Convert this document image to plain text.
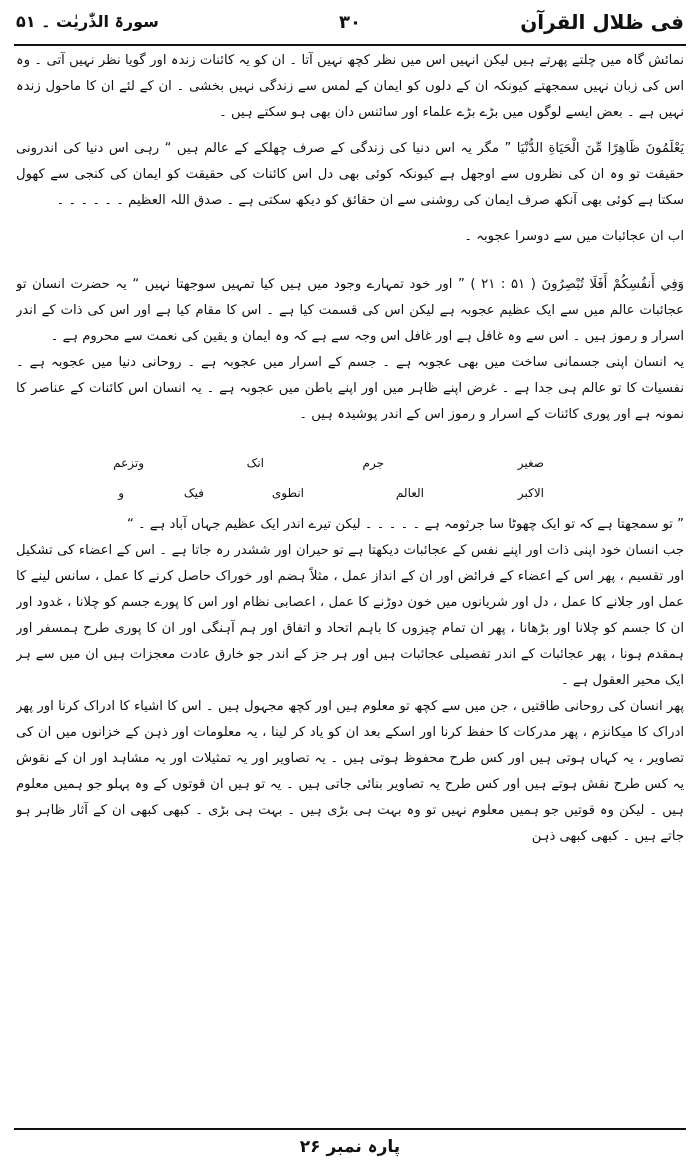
فی ظلال القرآن
۳۰
سورۃ الذّٰریٰت ۔ ۵۱

نمائش گاہ میں چلتے پھرتے ہیں لیکن انہیں اس میں نظر کچھ نہیں آتا ۔ ان کو یہ کائنات زندہ اور گویا نظر نہیں آتی ۔ وہ اس کی زبان نہیں سمجھتے کیونکہ ان کے دلوں کو ایمان کے لمس سے زندگی نہیں بخشی ۔ ان کے لئے ان کا ماحول زندہ نہیں ہے ۔ بعض ایسے لوگوں میں بڑے بڑے علماء اور سائنس دان بھی ہو سکتے ہیں ۔

يَعْلَمُونَ ظَاهِرًا مِّنَ الْحَيَاةِ الدُّنْيَا ” مگر یہ اس دنیا کی زندگی کے صرف چھلکے کے عالم ہیں “ رہی اس دنیا کی اندرونی حقیقت تو وہ ان کی نظروں سے اوجھل ہے کیونکہ کوئی بھی دل اس کائنات کی حقیقت کو ایمان کی کنجی سے کھول سکتا ہے کوئی بھی آنکھ صرف ایمان کی روشنی سے ان حقائق کو دیکھ سکتی ہے ۔ صدق اللہ العظیم ۔ ۔ ۔ ۔ ۔ ۔

اب ان عجائبات میں سے دوسرا عجوبہ ۔

وَفِي أَنفُسِكُمْ أَفَلَا تُبْصِرُونَ ( ۵۱ : ۲۱ ) ” اور خود تمہارے وجود میں ہیں کیا تمہیں سوجھتا نہیں “ یہ حضرت انسان تو عجائبات عالم میں سے ایک عظیم عجوبہ ہے لیکن اس کی قسمت کیا ہے ۔ اس کا مقام کیا ہے اور اس کی ذات کے اندر اسرار و رموز ہیں ۔ اس سے وہ غافل ہے اور غافل اس وجہ سے ہے کہ وہ ایمان و یقین کی نعمت سے محروم ہے ۔

یہ انسان اپنی جسمانی ساخت میں بھی عجوبہ ہے ۔ جسم کے اسرار میں عجوبہ ہے ۔ روحانی دنیا میں عجوبہ ہے ۔ نفسیات کا تو عالم ہی جدا ہے ۔ غرض اپنے ظاہر میں اور اپنے باطن میں عجوبہ ہے ۔ یہ انسان اس کائنات کے عناصر کا نمونہ ہے اور پوری کائنات کے اسرار و رموز اس کے اندر پوشیدہ ہیں ۔

صغیر
جرم
انک
وتزعم
الاکبر
العالم
انطوی
فیک
و

” تو سمجھتا ہے کہ تو ایک چھوٹا سا جرثومہ ہے ۔ ۔ ۔ ۔ ۔ لیکن تیرے اندر ایک عظیم جہاں آباد ہے ۔ “

جب انسان خود اپنی ذات اور اپنے نفس کے عجائبات دیکھتا ہے تو حیران اور ششدر رہ جاتا ہے ۔ اس کے اعضاء کی تشکیل اور تقسیم ، پھر اس کے اعضاء کے فرائض اور ان کے انداز عمل ، مثلاً ہضم اور خوراک حاصل کرنے کا عمل ، سانس لینے کا عمل اور جلانے کا عمل ، دل اور شریانوں میں خون دوڑنے کا عمل ، اعصابی نظام اور اس کا پورے جسم کو چلانا ، غدود اور ان کا جسم کو چلانا اور بڑھانا ، پھر ان تمام چیزوں کا باہم اتحاد و اتفاق اور ہم آہنگی اور ان کا پوری طرح ہمسفر اور ہمقدم ہونا ، پھر عجائبات کے اندر تفصیلی عجائبات ہیں اور ہر جز کے اندر جو خارق عادت معجزات ہیں ان میں سے ہر ایک محیر العقول ہے ۔

پھر انسان کی روحانی طاقتیں ، جن میں سے کچھ تو معلوم ہیں اور کچھ مجہول ہیں ۔ اس کا اشیاء کا ادراک کرنا اور پھر ادراک کا میکانزم ، پھر مدرکات کا حفظ کرنا اور اسکے بعد ان کو یاد کر لینا ، یہ معلومات اور ذہن کے خزانوں میں ان کی تصاویر ، یہ کہاں ہوتی ہیں اور کس طرح محفوظ ہوتی ہیں ۔ یہ تصاویر اور یہ تمثیلات اور یہ مشاہد اور ان کے نقوش یہ کس طرح نقش ہوتے ہیں اور کس طرح یہ تصاویر بنائی جاتی ہیں ۔ یہ تو ہیں ان قوتوں کے وہ پہلو جو ہمیں معلوم ہیں ۔ لیکن وہ قوتیں جو ہمیں معلوم نہیں تو وہ بہت ہی بڑی ہیں ۔ بہت ہی بڑی ۔ کبھی کبھی ان کے آثار ظاہر ہو جاتے ہیں ۔ کبھی کبھی ذہن

پارہ نمبر ۲۶
